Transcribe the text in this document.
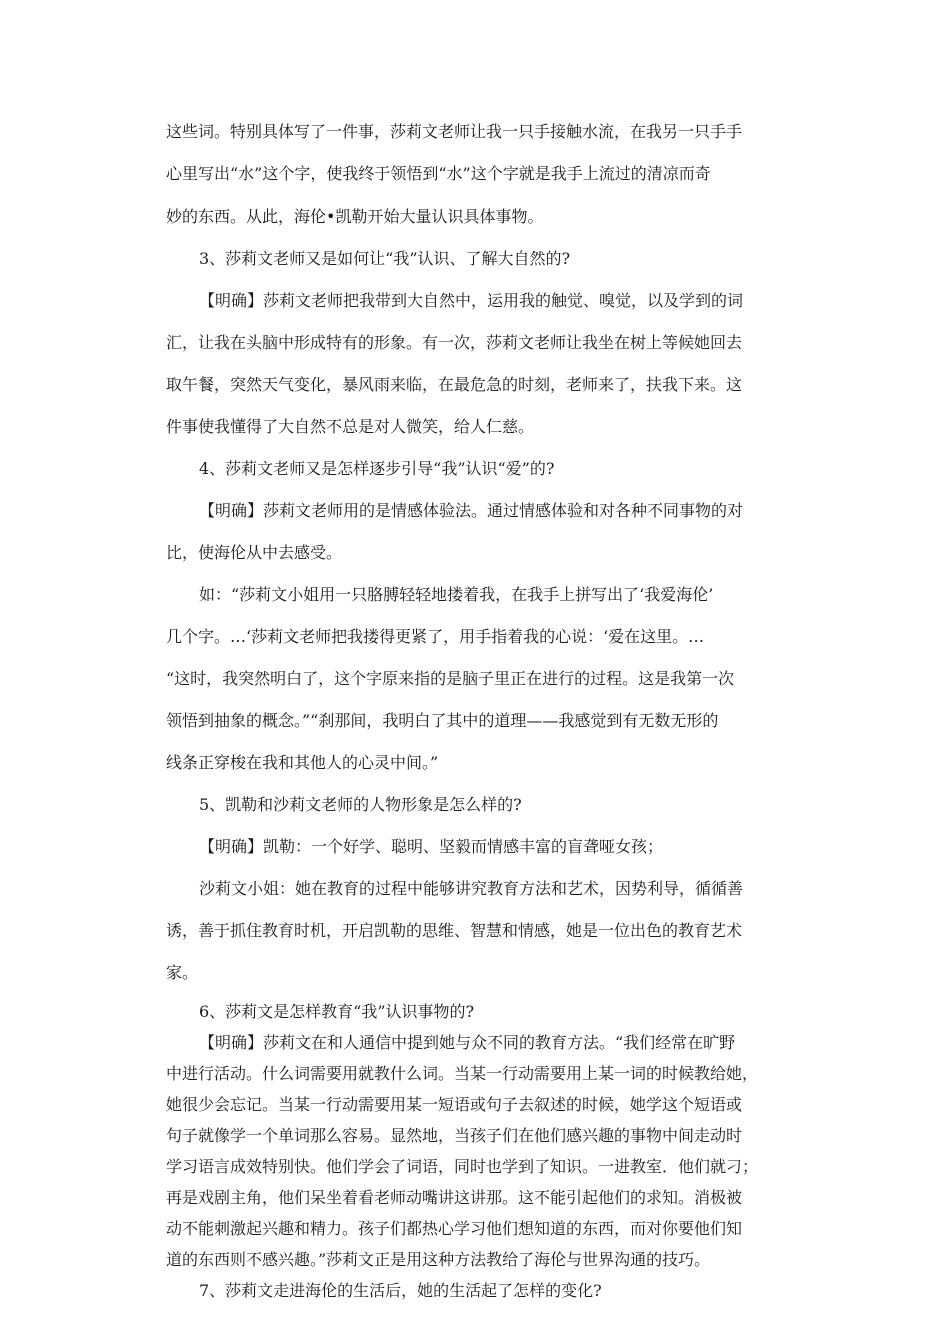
这些词。特别具体写了一件事，莎莉文老师让我一只手接触水流，在我另一只手手
心里写出“水”这个字，使我终于领悟到“水”这个字就是我手上流过的清凉而奇
妙的东西。从此，海伦•凯勒开始大量认识具体事物。
3、莎莉文老师又是如何让“我”认识、了解大自然的?
【明确】莎莉文老师把我带到大自然中，运用我的触觉、嗅觉，以及学到的词
汇，让我在头脑中形成特有的形象。有一次，莎莉文老师让我坐在树上等候她回去
取午餐，突然天气变化，暴风雨来临，在最危急的时刻，老师来了，扶我下来。这
件事使我懂得了大自然不总是对人微笑，给人仁慈。
4、莎莉文老师又是怎样逐步引导“我”认识“爱”的?
【明确】莎莉文老师用的是情感体验法。通过情感体验和对各种不同事物的对
比，使海伦从中去感受。
如：“莎莉文小姐用一只胳膊轻轻地搂着我，在我手上拼写出了‘我爱海伦’
几个字。…‘莎莉文老师把我搂得更紧了，用手指着我的心说：‘爱在这里。…
“这时，我突然明白了，这个字原来指的是脑子里正在进行的过程。这是我第一次
领悟到抽象的概念。”“刹那间，我明白了其中的道理——我感觉到有无数无形的
线条正穿梭在我和其他人的心灵中间。”
5、凯勒和沙莉文老师的人物形象是怎么样的?
【明确】凯勒：一个好学、聪明、坚毅而情感丰富的盲聋哑女孩；
沙莉文小姐：她在教育的过程中能够讲究教育方法和艺术，因势利导，循循善
诱，善于抓住教育时机，开启凯勒的思维、智慧和情感，她是一位出色的教育艺术
家。
6、莎莉文是怎样教育“我”认识事物的?
【明确】莎莉文在和人通信中提到她与众不同的教育方法。“我们经常在旷野
中进行活动。什么词需要用就教什么词。当某一行动需要用上某一词的时候教给她，
她很少会忘记。当某一行动需要用某一短语或句子去叙述的时候，她学这个短语或
句子就像学一个单词那么容易。显然地，当孩子们在他们感兴趣的事物中间走动时
学习语言成效特别快。他们学会了词语，同时也学到了知识。一进教室．他们就刁；
再是戏剧主角，他们呆坐着看老师动嘴讲这讲那。这不能引起他们的求知。消极被
动不能刺激起兴趣和精力。孩子们都热心学习他们想知道的东西，而对你要他们知
道的东西则不感兴趣。”莎莉文正是用这种方法教给了海伦与世界沟通的技巧。
7、莎莉文走进海伦的生活后，她的生活起了怎样的变化?
